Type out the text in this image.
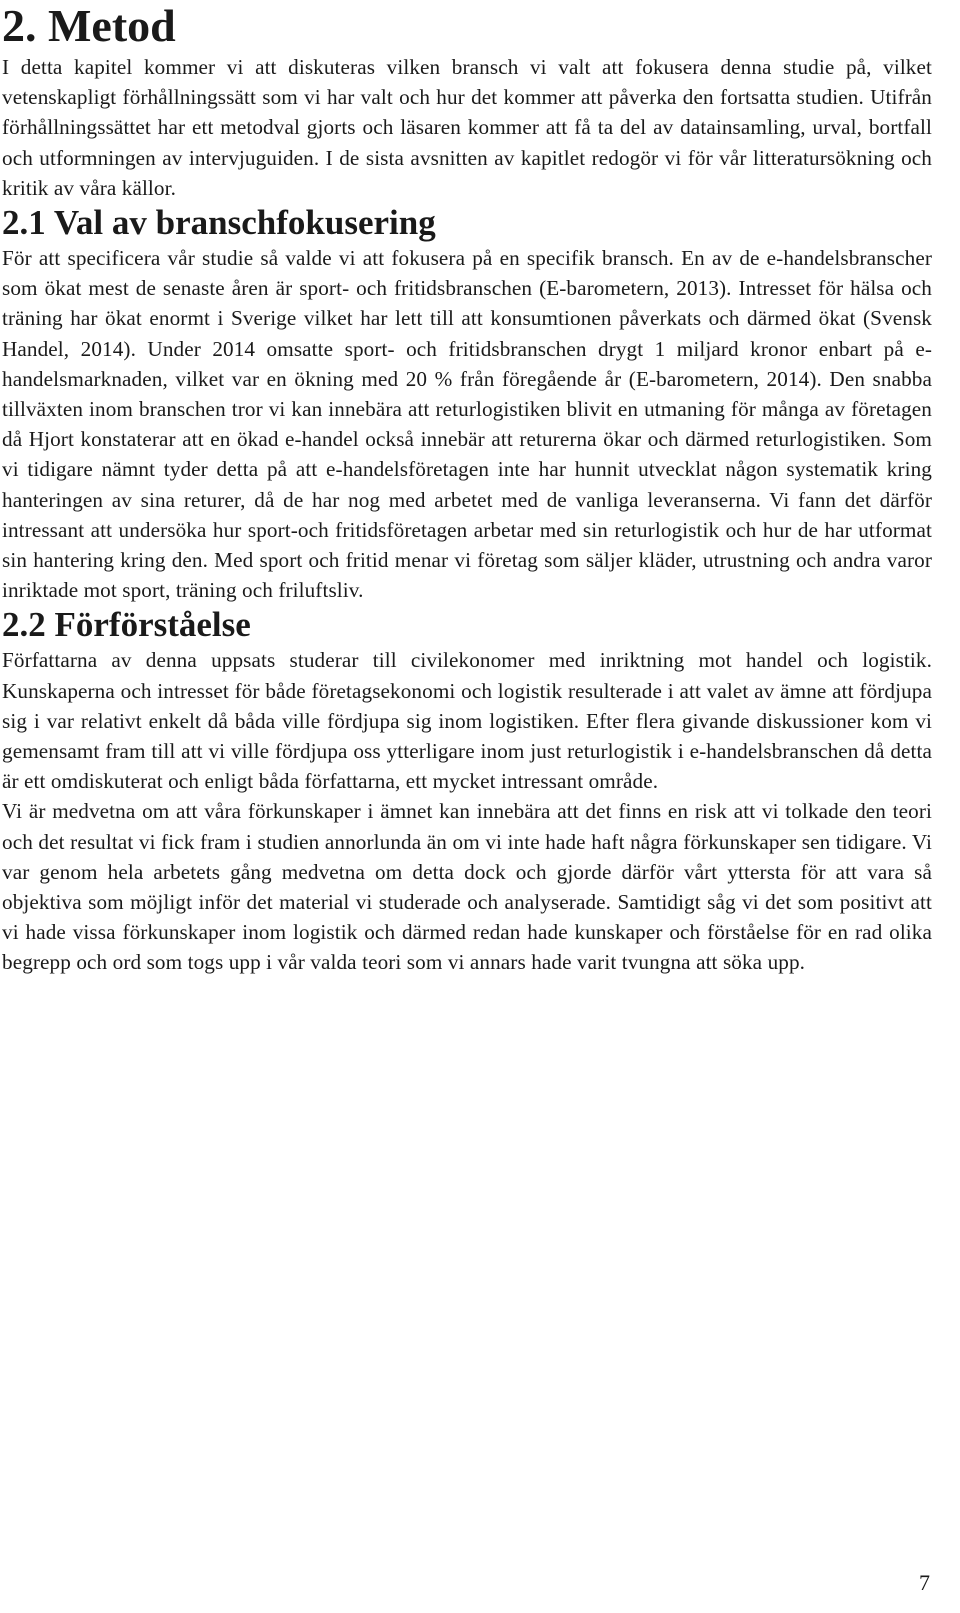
2. Metod

I detta kapitel kommer vi att diskuteras vilken bransch vi valt att fokusera denna studie på, vilket vetenskapligt förhållningssätt som vi har valt och hur det kommer att påverka den fortsatta studien. Utifrån förhållningssättet har ett metodval gjorts och läsaren kommer att få ta del av datainsamling, urval, bortfall och utformningen av intervjuguiden. I de sista avsnitten av kapitlet redogör vi för vår litteratursökning och kritik av våra källor.

2.1 Val av branschfokusering

För att specificera vår studie så valde vi att fokusera på en specifik bransch. En av de e-handelsbranscher som ökat mest de senaste åren är sport- och fritidsbranschen (E-barometern, 2013). Intresset för hälsa och träning har ökat enormt i Sverige vilket har lett till att konsumtionen påverkats och därmed ökat (Svensk Handel, 2014). Under 2014 omsatte sport- och fritidsbranschen drygt 1 miljard kronor enbart på e-handelsmarknaden, vilket var en ökning med 20 % från föregående år (E-barometern, 2014). Den snabba tillväxten inom branschen tror vi kan innebära att returlogistiken blivit en utmaning för många av företagen då Hjort konstaterar att en ökad e-handel också innebär att returerna ökar och därmed returlogistiken. Som vi tidigare nämnt tyder detta på att e-handelsföretagen inte har hunnit utvecklat någon systematik kring hanteringen av sina returer, då de har nog med arbetet med de vanliga leveranserna. Vi fann det därför intressant att undersöka hur sport-och fritidsföretagen arbetar med sin returlogistik och hur de har utformat sin hantering kring den. Med sport och fritid menar vi företag som säljer kläder, utrustning och andra varor inriktade mot sport, träning och friluftsliv.

2.2 Förförståelse

Författarna av denna uppsats studerar till civilekonomer med inriktning mot handel och logistik. Kunskaperna och intresset för både företagsekonomi och logistik resulterade i att valet av ämne att fördjupa sig i var relativt enkelt då båda ville fördjupa sig inom logistiken. Efter flera givande diskussioner kom vi gemensamt fram till att vi ville fördjupa oss ytterligare inom just returlogistik i e-handelsbranschen då detta är ett omdiskuterat och enligt båda författarna, ett mycket intressant område.

Vi är medvetna om att våra förkunskaper i ämnet kan innebära att det finns en risk att vi tolkade den teori och det resultat vi fick fram i studien annorlunda än om vi inte hade haft några förkunskaper sen tidigare. Vi var genom hela arbetets gång medvetna om detta dock och gjorde därför vårt yttersta för att vara så objektiva som möjligt inför det material vi studerade och analyserade. Samtidigt såg vi det som positivt att vi hade vissa förkunskaper inom logistik och därmed redan hade kunskaper och förståelse för en rad olika begrepp och ord som togs upp i vår valda teori som vi annars hade varit tvungna att söka upp.

7
